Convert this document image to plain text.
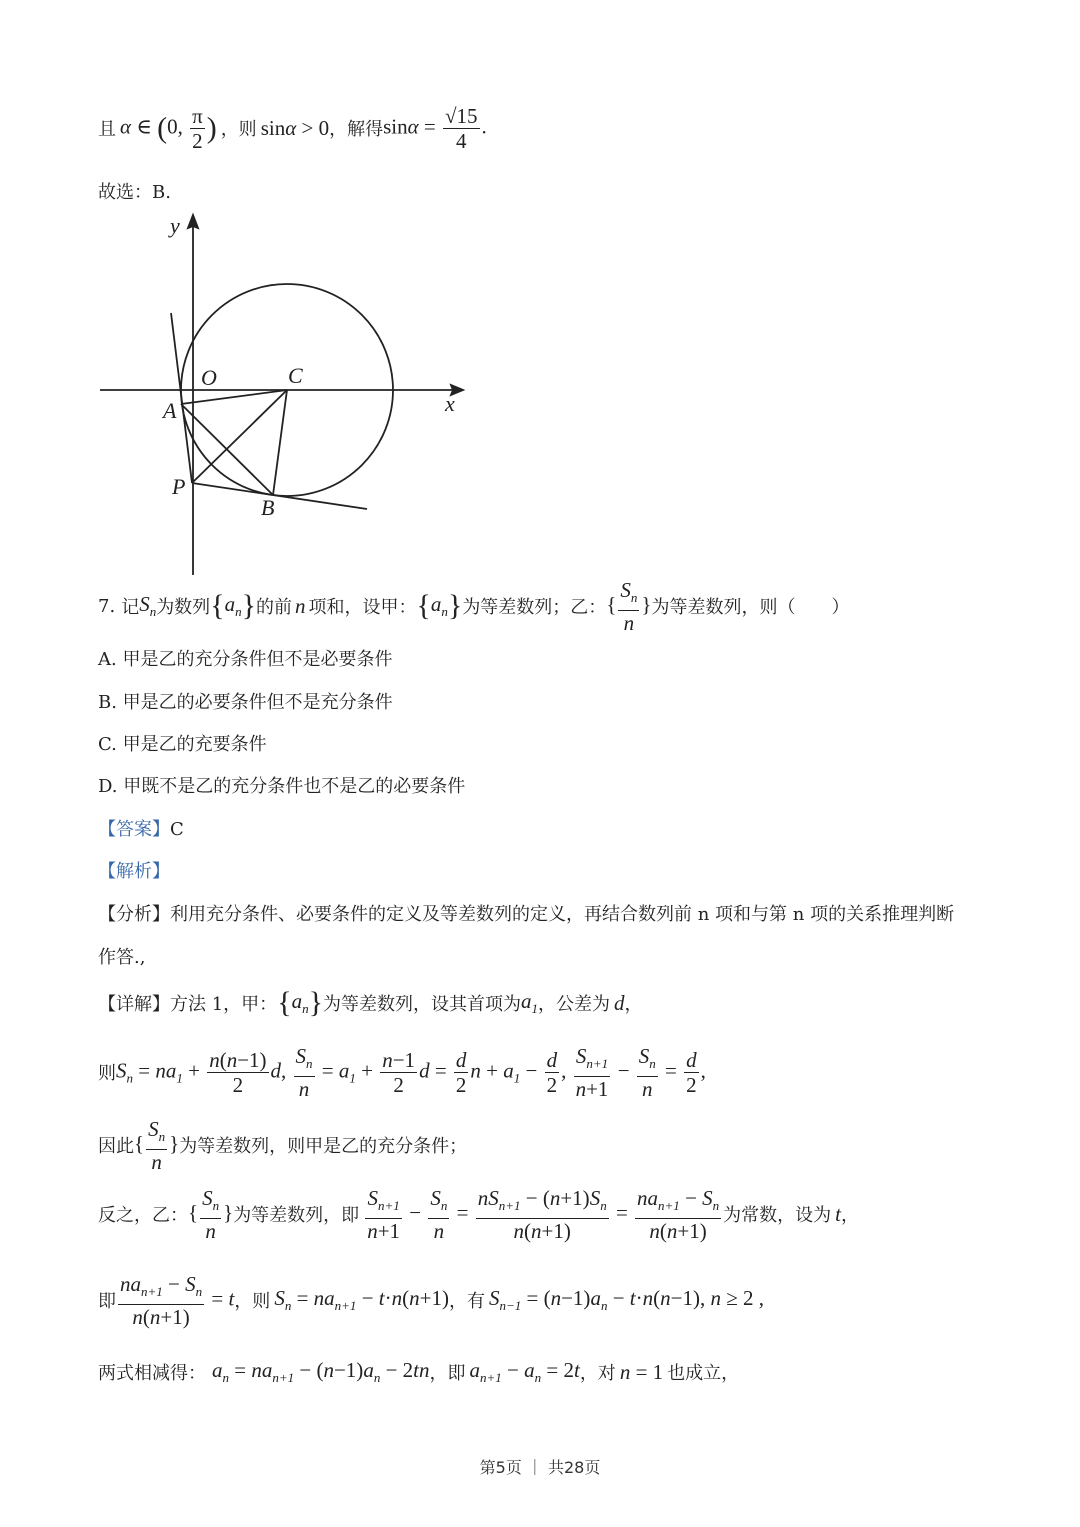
且 α ∈ (0, $\frac{\pi}{2}$ ) ，则 sinα > 0 ，解得 $\sin\alpha = \frac{√15}{4}$ .
故选：B.
y
x
O	C
A
P
B
7. 记 $S_n$ 为数列 $\{a_n\}$ 的前 n 项和，设甲： $\{a_n\}$ 为等差数列；乙： { $\frac{S_n}{n}$ } 为等差数列，则（　　）
A. 甲是乙的充分条件但不是必要条件
B. 甲是乙的必要条件但不是充分条件
C. 甲是乙的充要条件
D. 甲既不是乙的充分条件也不是乙的必要条件
【答案】C
【解析】
【分析】利用充分条件、必要条件的定义及等差数列的定义，再结合数列前 n 项和与第 n 项的关系推理判断
作答.,
【详解】 方法 1，甲： $\{a_n\}$ 为等差数列，设其首项为 $a_1$ ，公差为 d ，
则 $S_n = na_1 + \frac{n(n-1)}{2} d$, $\frac{S_n}{n} = a_1 + \frac{n-1}{2}$ $d = \frac{d}{2}$ $n + a_1 - \frac{d}{2}$ , $\frac{S_{n+1}}{n+1} - \frac{S_n}{n} = \frac{d}{2}$ ,
因此 { $\frac{S_n}{n}$ } 为等差数列，则甲是乙的充分条件；
反之，乙： { $\frac{S_n}{n}$ } 为等差数列，即 $\frac{S_{n+1}}{n+1} - \frac{S_n}{n} = \frac{nS_{n+1} - (n+1)S_n}{n(n+1)} = \frac{na_{n+1} - S_n}{n(n+1)}$ 为常数，设为 t ，
即 $\frac{na_{n+1} - S_n}{n(n+1)} = t$ ，则 $S_n = na_{n+1} - t\cdot n(n+1)$ ，有 $S_{n-1} = (n-1)a_n - t\cdot n(n-1)$, n ≥ 2 ,
两式相减得： $a_n = na_{n+1} - (n-1)a_n - 2tn$ ，即 $a_{n+1} - a_n = 2t$ ，对 n = 1 也成立，
第5页 ｜ 共28页
